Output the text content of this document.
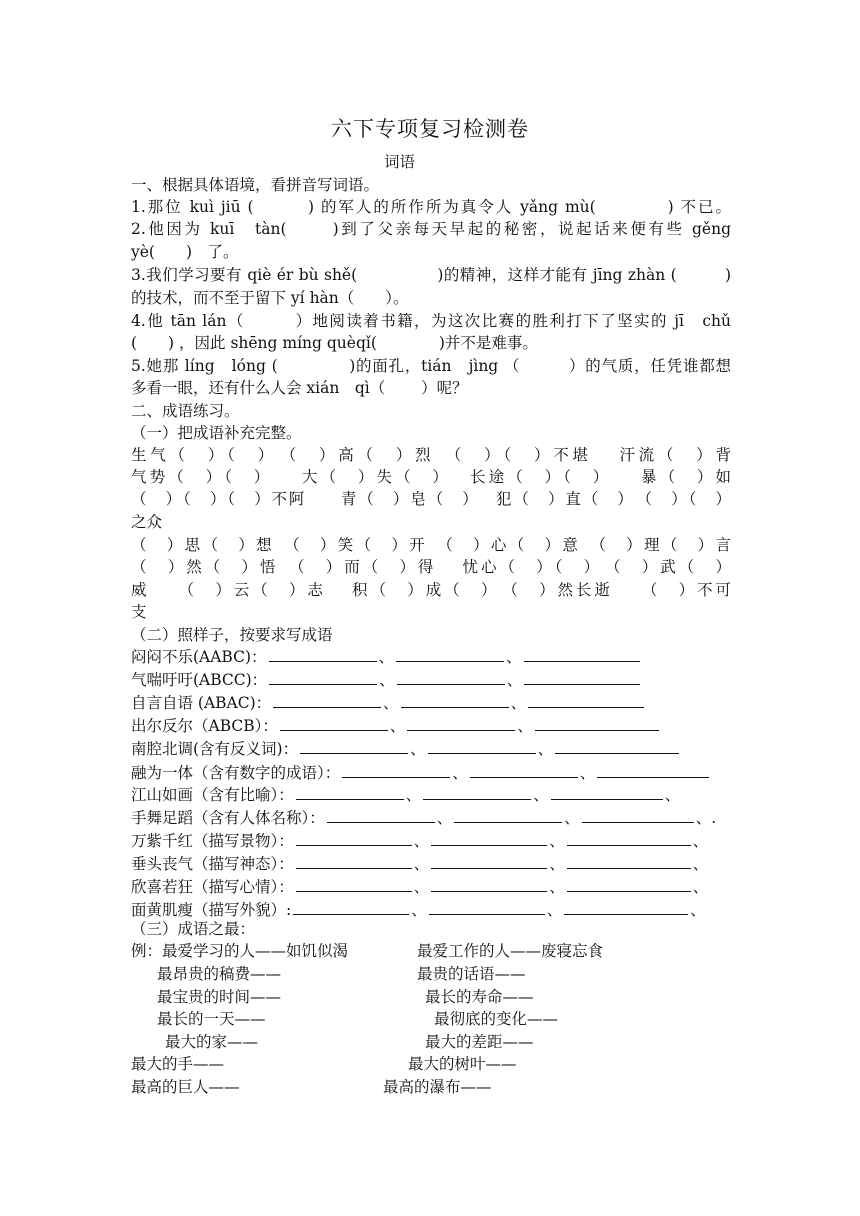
六下专项复习检测卷
词语
一、根据具体语境，看拼音写词语。
1.那位 kuì jiū (　　　) 的军人的所作所为真令人 yǎng mù(　　　　) 不已。
2.他因为 kuī　tàn(　　 )到了父亲每天早起的秘密，说起话来便有些 gěng
yè(　　)　了。
3.我们学习要有 qiè ér bù shě(　　　　　)的精神，这样才能有 jīng zhàn (　　　)
的技术，而不至于留下 yí hàn（　　）。
4.他 tān lán（　　　）地阅读着书籍，为这次比赛的胜利打下了坚实的 jī　chǔ
(　　) ，因此 shēng míng quèqǐ(　　　　)并不是难事。
5.她那 líng　lóng (　　　　 )的面孔，tián　jìng （　　　）的气质，任凭谁都想
多看一眼，还有什么人会 xián　qì（　　 ）呢？
二、成语练习。
（一）把成语补充完整。
生气（　）（　）　（　）高（　）烈　（　）（　）不堪　 汗流（　）背
气势（　）（　）　　大（　）失（　）　 长途（　）（　）　　暴（　）如
（　）（　）（　）不阿　　青（　）皂（　）　 犯（　）直（　）　（　）（　）
之众
（　）思（　）想　（　）笑（　）开　（　）心（　）意　（　）理（　）言
（　）然（　）悟　（　）而（　）得　 忧心（　）（　）　（　）武（　）
威　　（　）云（　）志　 积（　）成（　）　（　）然长逝　　（　）不可
支
（二）照样子，按要求写成语
闷闷不乐(AABC)：	、	、
气喘吁吁(ABCC)：	、	、
自言自语 (ABAC)：	、	、
出尔反尔（ABCB）：	、	、
南腔北调(含有反义词)：	、	、
融为一体（含有数字的成语）：	、	、
江山如画（含有比喻）：	、	、	、
手舞足蹈（含有人体名称）：	、	、	、.
万紫千红（描写景物）：	、	、	、
垂头丧气（描写神态）：	、	、	、
欣喜若狂（描写心情）：	、	、	、
面黄肌瘦（描写外貌）:	、	、	、
（三）成语之最：
例：最爱学习的人——如饥似渴	最爱工作的人——废寝忘食
最昂贵的稿费——	最贵的话语——
最宝贵的时间——	最长的寿命——
最长的一天——	最彻底的变化——
最大的家——	最大的差距——
最大的手——	最大的树叶——
最高的巨人——	最高的瀑布——
